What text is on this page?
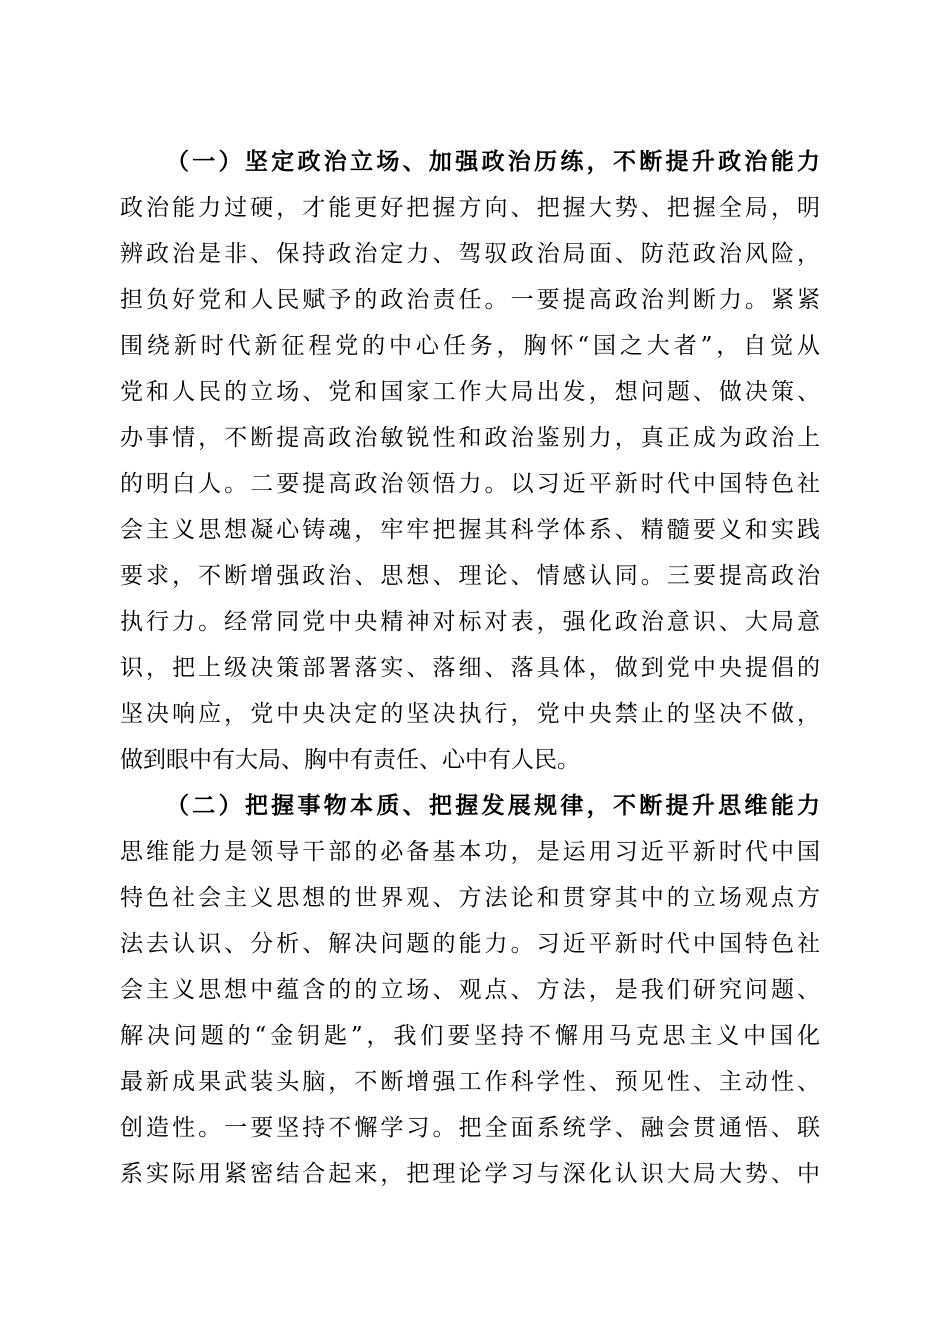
（一）坚定政治立场、加强政治历练，不断提升政治能力
政治能力过硬，才能更好把握方向、把握大势、把握全局，明
辨政治是非、保持政治定力、驾驭政治局面、防范政治风险，
担负好党和人民赋予的政治责任。一要提高政治判断力。紧紧
围绕新时代新征程党的中心任务，胸怀“国之大者”，自觉从
党和人民的立场、党和国家工作大局出发，想问题、做决策、
办事情，不断提高政治敏锐性和政治鉴别力，真正成为政治上
的明白人。二要提高政治领悟力。以习近平新时代中国特色社
会主义思想凝心铸魂，牢牢把握其科学体系、精髓要义和实践
要求，不断增强政治、思想、理论、情感认同。三要提高政治
执行力。经常同党中央精神对标对表，强化政治意识、大局意
识，把上级决策部署落实、落细、落具体，做到党中央提倡的
坚决响应，党中央决定的坚决执行，党中央禁止的坚决不做，
做到眼中有大局、胸中有责任、心中有人民。
（二）把握事物本质、把握发展规律，不断提升思维能力
思维能力是领导干部的必备基本功，是运用习近平新时代中国
特色社会主义思想的世界观、方法论和贯穿其中的立场观点方
法去认识、分析、解决问题的能力。习近平新时代中国特色社
会主义思想中蕴含的的立场、观点、方法，是我们研究问题、
解决问题的“金钥匙”，我们要坚持不懈用马克思主义中国化
最新成果武装头脑，不断增强工作科学性、预见性、主动性、
创造性。一要坚持不懈学习。把全面系统学、融会贯通悟、联
系实际用紧密结合起来，把理论学习与深化认识大局大势、中
